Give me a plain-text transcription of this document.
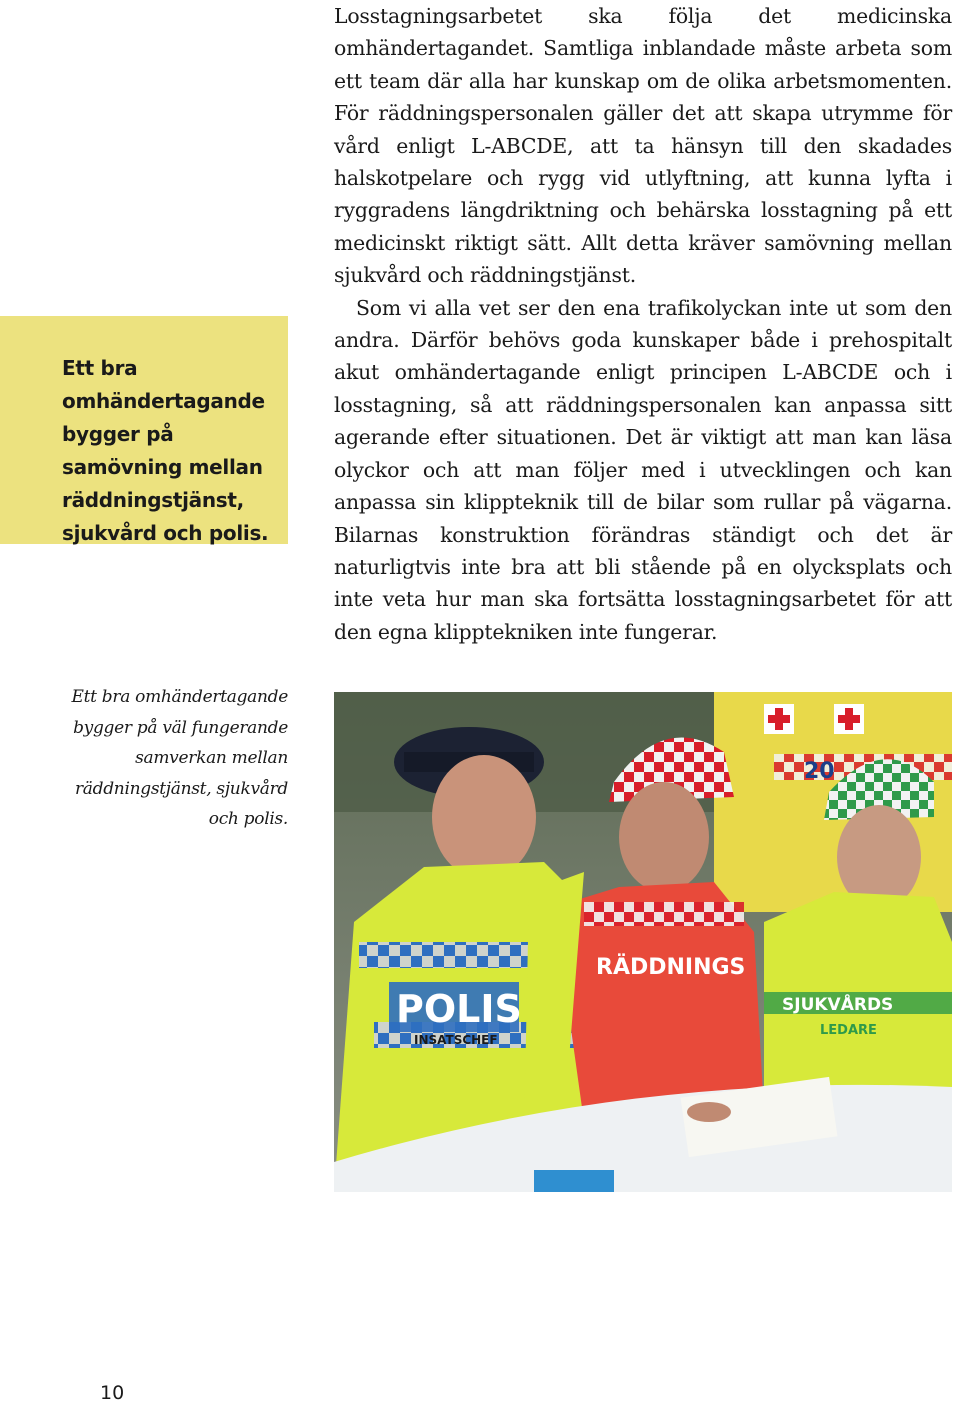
Losstagningsarbetet ska följa det medicinska omhändertagandet. Samtliga inblandade måste arbeta som ett team där alla har kunskap om de olika arbetsmomenten. För räddningspersonalen gäller det att skapa utrymme för vård enligt L-ABCDE, att ta hänsyn till den skadades halskotpelare och rygg vid utlyftning, att kunna lyfta i ryggradens längdriktning och behärska losstagning på ett medicinskt riktigt sätt. Allt detta kräver samövning mellan sjukvård och räddningstjänst.

Som vi alla vet ser den ena trafikolyckan inte ut som den andra. Därför behövs goda kunskaper både i prehospitalt akut omhändertagande enligt principen L-ABCDE och i losstagning, så att räddningspersonalen kan anpassa sitt agerande efter situationen. Det är viktigt att man kan läsa olyckor och att man följer med i utvecklingen och kan anpassa sin klippteknik till de bilar som rullar på vägarna. Bilarnas konstruktion förändras ständigt och det är naturligtvis inte bra att bli stående på en olycksplats och inte veta hur man ska fortsätta losstagningsarbetet för att den egna klipptekniken inte fungerar.

Ett bra omhändertagande bygger på samövning mellan räddningstjänst, sjukvård och polis.
Ett bra omhändertagande bygger på väl fungerande samverkan mellan räddningstjänst, sjukvård och polis.
20
POLIS
INSATSCHEF
RÄDDNINGS
SJUKVÅRDS
LEDARE
10
